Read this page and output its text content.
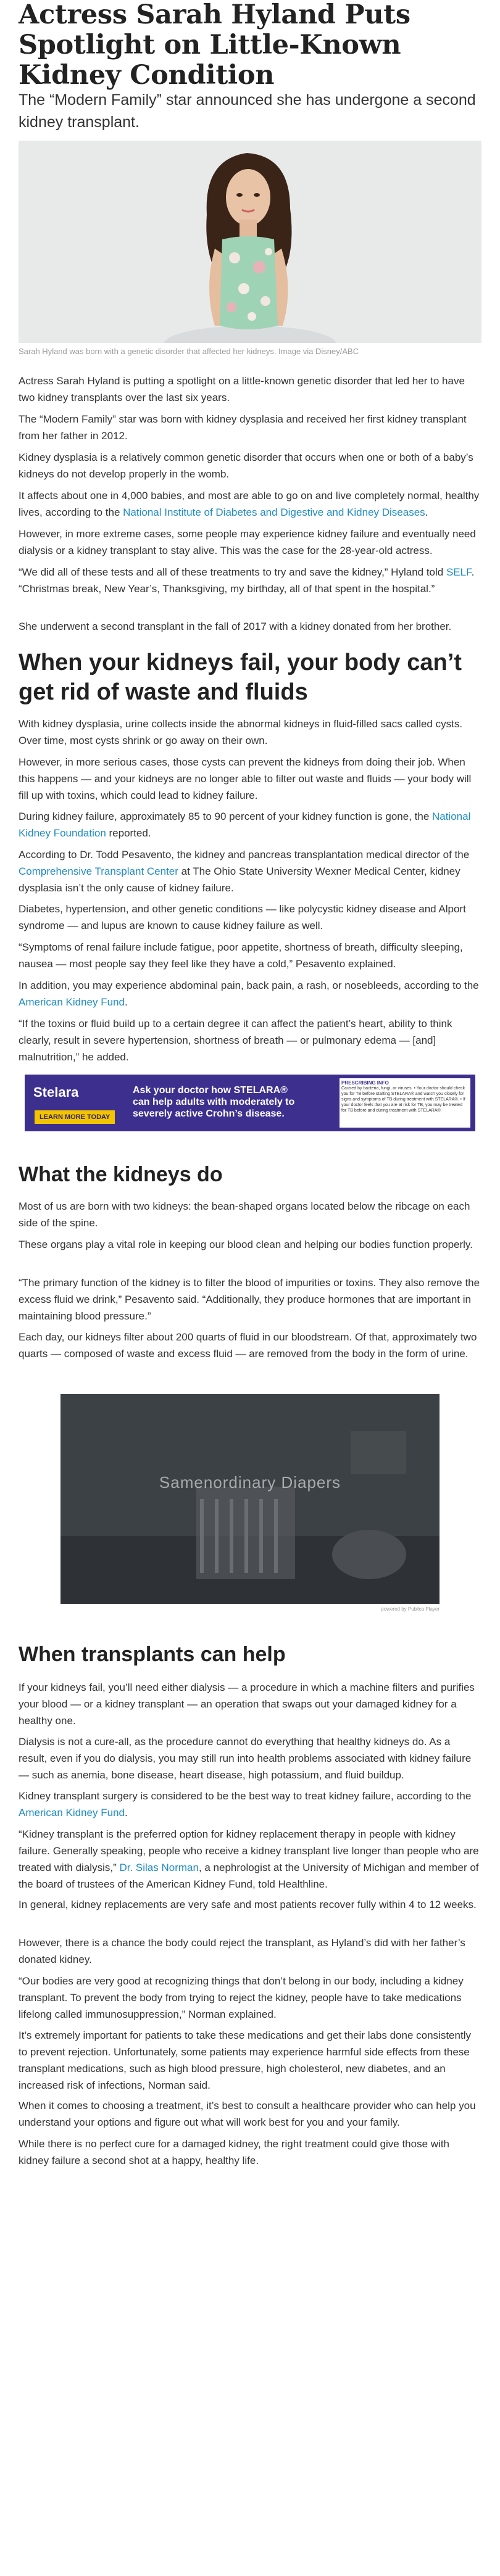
Actress Sarah Hyland Puts Spotlight on Little-Known Kidney Condition
The “Modern Family” star announced she has undergone a second kidney transplant.
Sarah Hyland was born with a genetic disorder that affected her kidneys. Image via Disney/ABC

Actress Sarah Hyland is putting a spotlight on a little-known genetic disorder that led her to have two kidney transplants over the last six years.

The “Modern Family” star was born with kidney dysplasia and received her first kidney transplant from her father in 2012.

Kidney dysplasia is a relatively common genetic disorder that occurs when one or both of a baby’s kidneys do not develop properly in the womb.

It affects about one in 4,000 babies, and most are able to go on and live completely normal, healthy lives, according to the National Institute of Diabetes and Digestive and Kidney Diseases.

However, in more extreme cases, some people may experience kidney failure and eventually need dialysis or a kidney transplant to stay alive. This was the case for the 28-year-old actress.

“We did all of these tests and all of these treatments to try and save the kidney,” Hyland told SELF. “Christmas break, New Year’s, Thanksgiving, my birthday, all of that spent in the hospital.”

She underwent a second transplant in the fall of 2017 with a kidney donated from her brother.

When your kidneys fail, your body can’t get rid of waste and fluids

With kidney dysplasia, urine collects inside the abnormal kidneys in fluid-filled sacs called cysts. Over time, most cysts shrink or go away on their own.

However, in more serious cases, those cysts can prevent the kidneys from doing their job. When this happens — and your kidneys are no longer able to filter out waste and fluids — your body will fill up with toxins, which could lead to kidney failure.

During kidney failure, approximately 85 to 90 percent of your kidney function is gone, the National Kidney Foundation reported.

According to Dr. Todd Pesavento, the kidney and pancreas transplantation medical director of the Comprehensive Transplant Center at The Ohio State University Wexner Medical Center, kidney dysplasia isn’t the only cause of kidney failure.

Diabetes, hypertension, and other genetic conditions — like polycystic kidney disease and Alport syndrome — and lupus are known to cause kidney failure as well.

“Symptoms of renal failure include fatigue, poor appetite, shortness of breath, difficulty sleeping, nausea — most people say they feel like they have a cold,” Pesavento explained.

In addition, you may experience abdominal pain, back pain, a rash, or nosebleeds, according to the American Kidney Fund.

“If the toxins or fluid build up to a certain degree it can affect the patient’s heart, ability to think clearly, result in severe hypertension, shortness of breath — or pulmonary edema — [and] malnutrition,” he added.

Stelara
LEARN MORE TODAY
Ask your doctor how STELARA® can help adults with moderately to severely active Crohn’s disease.
PRESCRIBING INFO
Caused by bacteria, fungi, or viruses. • Your doctor should check you for TB before starting STELARA® and watch you closely for signs and symptoms of TB during treatment with STELARA®. • If your doctor feels that you are at risk for TB, you may be treated for TB before and during treatment with STELARA®.
What the kidneys do

Most of us are born with two kidneys: the bean-shaped organs located below the ribcage on each side of the spine.

These organs play a vital role in keeping our blood clean and helping our bodies function properly.

“The primary function of the kidney is to filter the blood of impurities or toxins. They also remove the excess fluid we drink,” Pesavento said. “Additionally, they produce hormones that are important in maintaining blood pressure.”

Each day, our kidneys filter about 200 quarts of fluid in our bloodstream. Of that, approximately two quarts — composed of waste and excess fluid — are removed from the body in the form of urine.

Samenordinary Diapers
powered by Publica Player
When transplants can help

If your kidneys fail, you’ll need either dialysis — a procedure in which a machine filters and purifies your blood — or a kidney transplant — an operation that swaps out your damaged kidney for a healthy one.

Dialysis is not a cure-all, as the procedure cannot do everything that healthy kidneys do. As a result, even if you do dialysis, you may still run into health problems associated with kidney failure — such as anemia, bone disease, heart disease, high potassium, and fluid buildup.

Kidney transplant surgery is considered to be the best way to treat kidney failure, according to the American Kidney Fund.

“Kidney transplant is the preferred option for kidney replacement therapy in people with kidney failure. Generally speaking, people who receive a kidney transplant live longer than people who are treated with dialysis,” Dr. Silas Norman, a nephrologist at the University of Michigan and member of the board of trustees of the American Kidney Fund, told Healthline.

In general, kidney replacements are very safe and most patients recover fully within 4 to 12 weeks.

However, there is a chance the body could reject the transplant, as Hyland’s did with her father’s donated kidney.

“Our bodies are very good at recognizing things that don’t belong in our body, including a kidney transplant. To prevent the body from trying to reject the kidney, people have to take medications lifelong called immunosuppression,” Norman explained.

It’s extremely important for patients to take these medications and get their labs done consistently to prevent rejection. Unfortunately, some patients may experience harmful side effects from these transplant medications, such as high blood pressure, high cholesterol, new diabetes, and an increased risk of infections, Norman said.

When it comes to choosing a treatment, it’s best to consult a healthcare provider who can help you understand your options and figure out what will work best for you and your family.

While there is no perfect cure for a damaged kidney, the right treatment could give those with kidney failure a second shot at a happy, healthy life.
